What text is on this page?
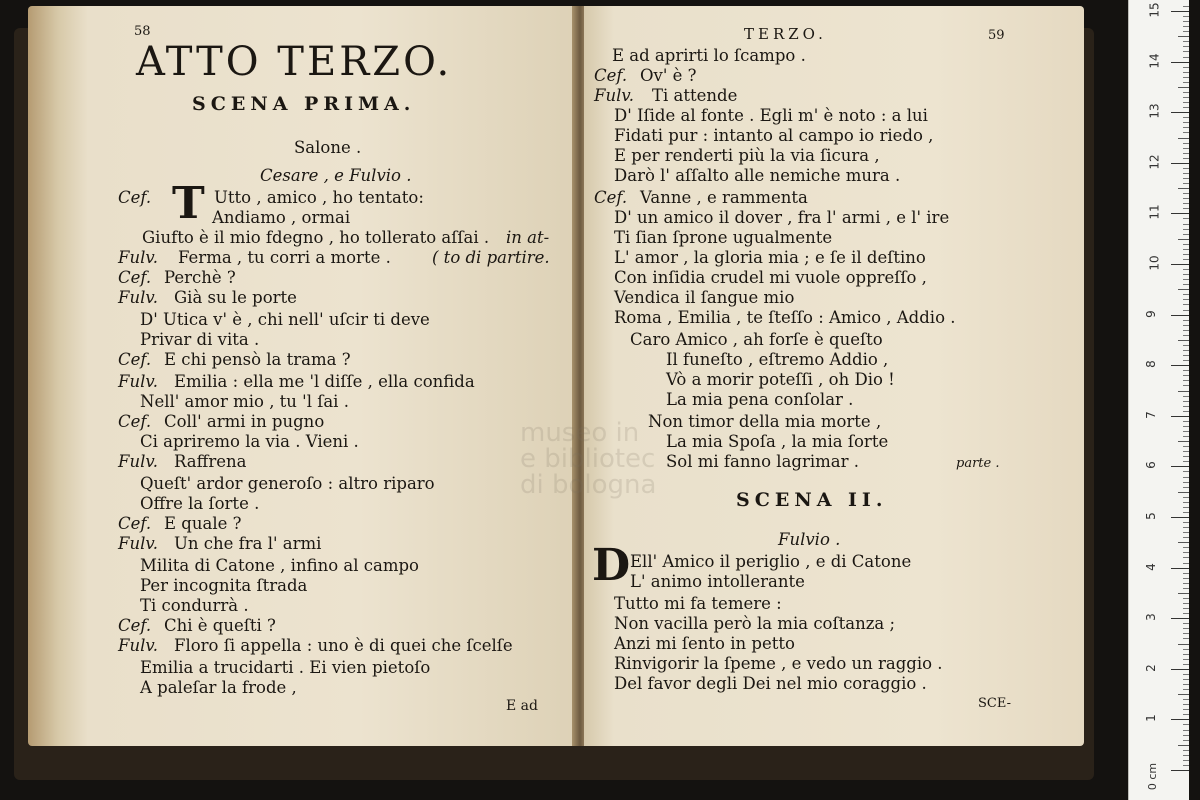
58
ATTO TERZO.
SCENA PRIMA.
Salone .
Cesare , e Fulvio .
T
Cef.	Utto , amico , ho tentato:
Andiamo , ormai
Giufto è il mio fdegno , ho tollerato aſſai . in at-
Fulv. Ferma , tu corri a morte . ( to di partire.
Cef. Perchè ?
Fulv. Già su le porte
D' Utica v' è , chi nell' uſcir ti deve
Privar di vita .
Cef. E chi pensò la trama ?
Fulv. Emilia : ella me 'l diſſe , ella confida
Nell' amor mio , tu 'l ſai .
Cef. Coll' armi in pugno
Ci apriremo la via . Vieni .
Fulv. Raffrena
Queſt' ardor generoſo : altro riparo
Offre la ſorte .
Cef. E quale ?
Fulv. Un che fra l' armi
Milita di Catone , infino al campo
Per incognita ſtrada
Ti condurrà .
Cef. Chi è queſti ?
Fulv. Floro ſi appella : uno è di quei che ſcelſe
Emilia a trucidarti . Ei vien pietoſo
A paleſar la frode ,
E ad
TERZO.	59
E ad aprirti lo ſcampo .
Cef. Ov' è ?
Fulv. Ti attende
D' Iſide al fonte . Egli m' è noto : a lui
Fidati pur : intanto al campo io riedo ,
E per renderti più la via ſicura ,
Darò l' aſſalto alle nemiche mura .
Cef. Vanne , e rammenta
D' un amico il dover , fra l' armi , e l' ire
Ti ſian ſprone ugualmente
L' amor , la gloria mia ; e ſe il deſtino
Con inſidia crudel mi vuole oppreſſo ,
Vendica il ſangue mio
Roma , Emilia , te ſteſſo : Amico , Addio .
Caro Amico , ah forſe è queſto
Il funeſto , eſtremo Addio ,
Vò a morir poteſſi , oh Dio !
La mia pena conſolar .
Non timor della mia morte ,
La mia Spoſa , la mia ſorte
Sol mi fanno lagrimar .	parte .
SCENA II.
Fulvio .
D Ell' Amico il periglio , e di Catone
L' animo intollerante
Tutto mi fa temere :
Non vacilla però la mia coſtanza ;
Anzi mi ſento in petto
Rinvigorir la ſpeme , e vedo un raggio .
Del favor degli Dei nel mio coraggio .
SCE-
museo in
e bibliotec
di bologna
0 cm
1
2
3
4
5
6
7
8
9
10
11
12
13
14
15
